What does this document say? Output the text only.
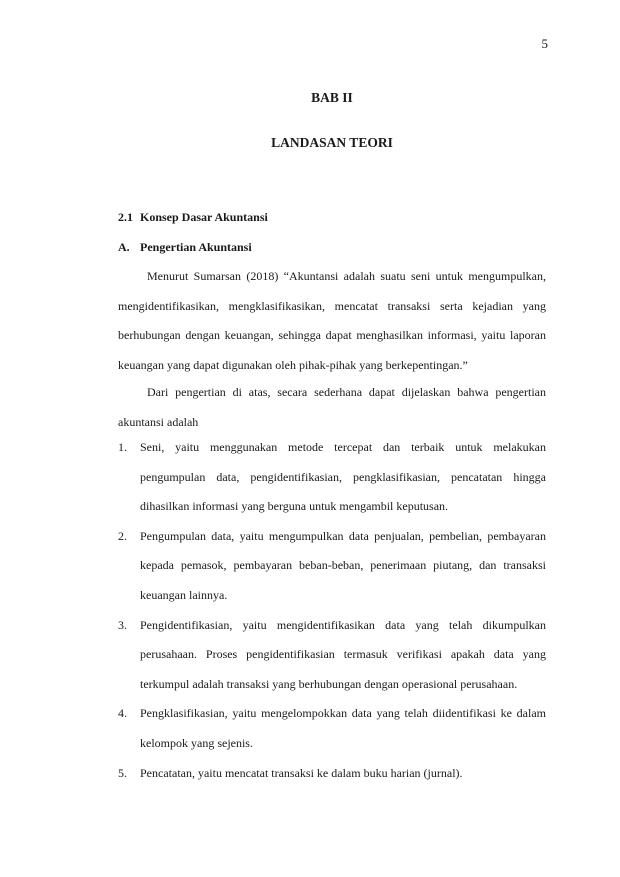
5
BAB II
LANDASAN TEORI
2.1 Konsep Dasar Akuntansi
A. Pengertian Akuntansi

Menurut Sumarsan (2018) “Akuntansi adalah suatu seni untuk mengumpulkan, mengidentifikasikan, mengklasifikasikan, mencatat transaksi serta kejadian yang berhubungan dengan keuangan, sehingga dapat menghasilkan informasi, yaitu laporan keuangan yang dapat digunakan oleh pihak-pihak yang berkepentingan.”

Dari pengertian di atas, secara sederhana dapat dijelaskan bahwa pengertian akuntansi adalah

1. Seni, yaitu menggunakan metode tercepat dan terbaik untuk melakukan pengumpulan data, pengidentifikasian, pengklasifikasian, pencatatan hingga dihasilkan informasi yang berguna untuk mengambil keputusan.
2. Pengumpulan data, yaitu mengumpulkan data penjualan, pembelian, pembayaran kepada pemasok, pembayaran beban-beban, penerimaan piutang, dan transaksi keuangan lainnya.
3. Pengidentifikasian, yaitu mengidentifikasikan data yang telah dikumpulkan perusahaan. Proses pengidentifikasian termasuk verifikasi apakah data yang terkumpul adalah transaksi yang berhubungan dengan operasional perusahaan.
4. Pengklasifikasian, yaitu mengelompokkan data yang telah diidentifikasi ke dalam kelompok yang sejenis.
5. Pencatatan, yaitu mencatat transaksi ke dalam buku harian (jurnal).
